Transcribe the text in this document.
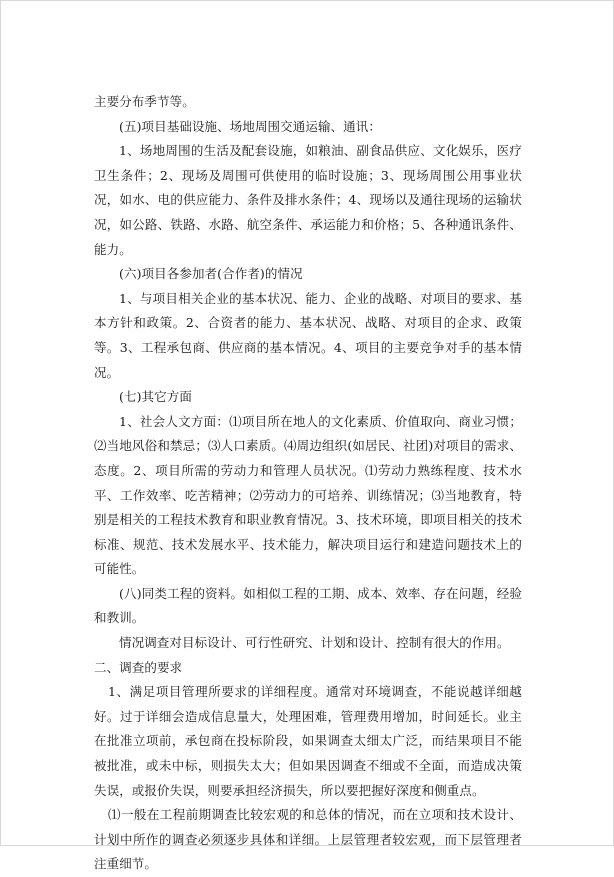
主要分布季节等。

(五)项目基础设施、场地周围交通运输、通讯：

1、场地周围的生活及配套设施，如粮油、副食品供应、文化娱乐，医疗卫生条件；2、现场及周围可供使用的临时设施；3、现场周围公用事业状况，如水、电的供应能力、条件及排水条件；4、现场以及通往现场的运输状况，如公路、铁路、水路、航空条件、承运能力和价格；5、各种通讯条件、能力。

(六)项目各参加者(合作者)的情况

1、与项目相关企业的基本状况、能力、企业的战略、对项目的要求、基本方针和政策。2、合资者的能力、基本状况、战略、对项目的企求、政策等。3、工程承包商、供应商的基本情况。4、项目的主要竞争对手的基本情况。

(七)其它方面

1、社会人文方面：⑴项目所在地人的文化素质、价值取向、商业习惯；⑵当地风俗和禁忌；⑶人口素质。⑷周边组织(如居民、社团)对项目的需求、态度。2、项目所需的劳动力和管理人员状况。⑴劳动力熟练程度、技术水平、工作效率、吃苦精神；⑵劳动力的可培养、训练情况；⑶当地教育，特别是相关的工程技术教育和职业教育情况。3、技术环境，即项目相关的技术标准、规范、技术发展水平、技术能力，解决项目运行和建造问题技术上的可能性。

(八)同类工程的资料。如相似工程的工期、成本、效率、存在问题，经验和教训。

情况调查对目标设计、可行性研究、计划和设计、控制有很大的作用。

二、调查的要求

1、满足项目管理所要求的详细程度。通常对环境调查，不能说越详细越好。过于详细会造成信息量大，处理困难，管理费用增加，时间延长。业主在批准立项前，承包商在投标阶段，如果调查太细太广泛，而结果项目不能被批准，或未中标，则损失太大；但如果因调查不细或不全面，而造成决策失误，或报价失误，则要承担经济损失，所以要把握好深度和侧重点。

⑴一般在工程前期调查比较宏观的和总体的情况，而在立项和技术设计、计划中所作的调查必须逐步具体和详细。上层管理者较宏观，而下层管理者注重细节。
